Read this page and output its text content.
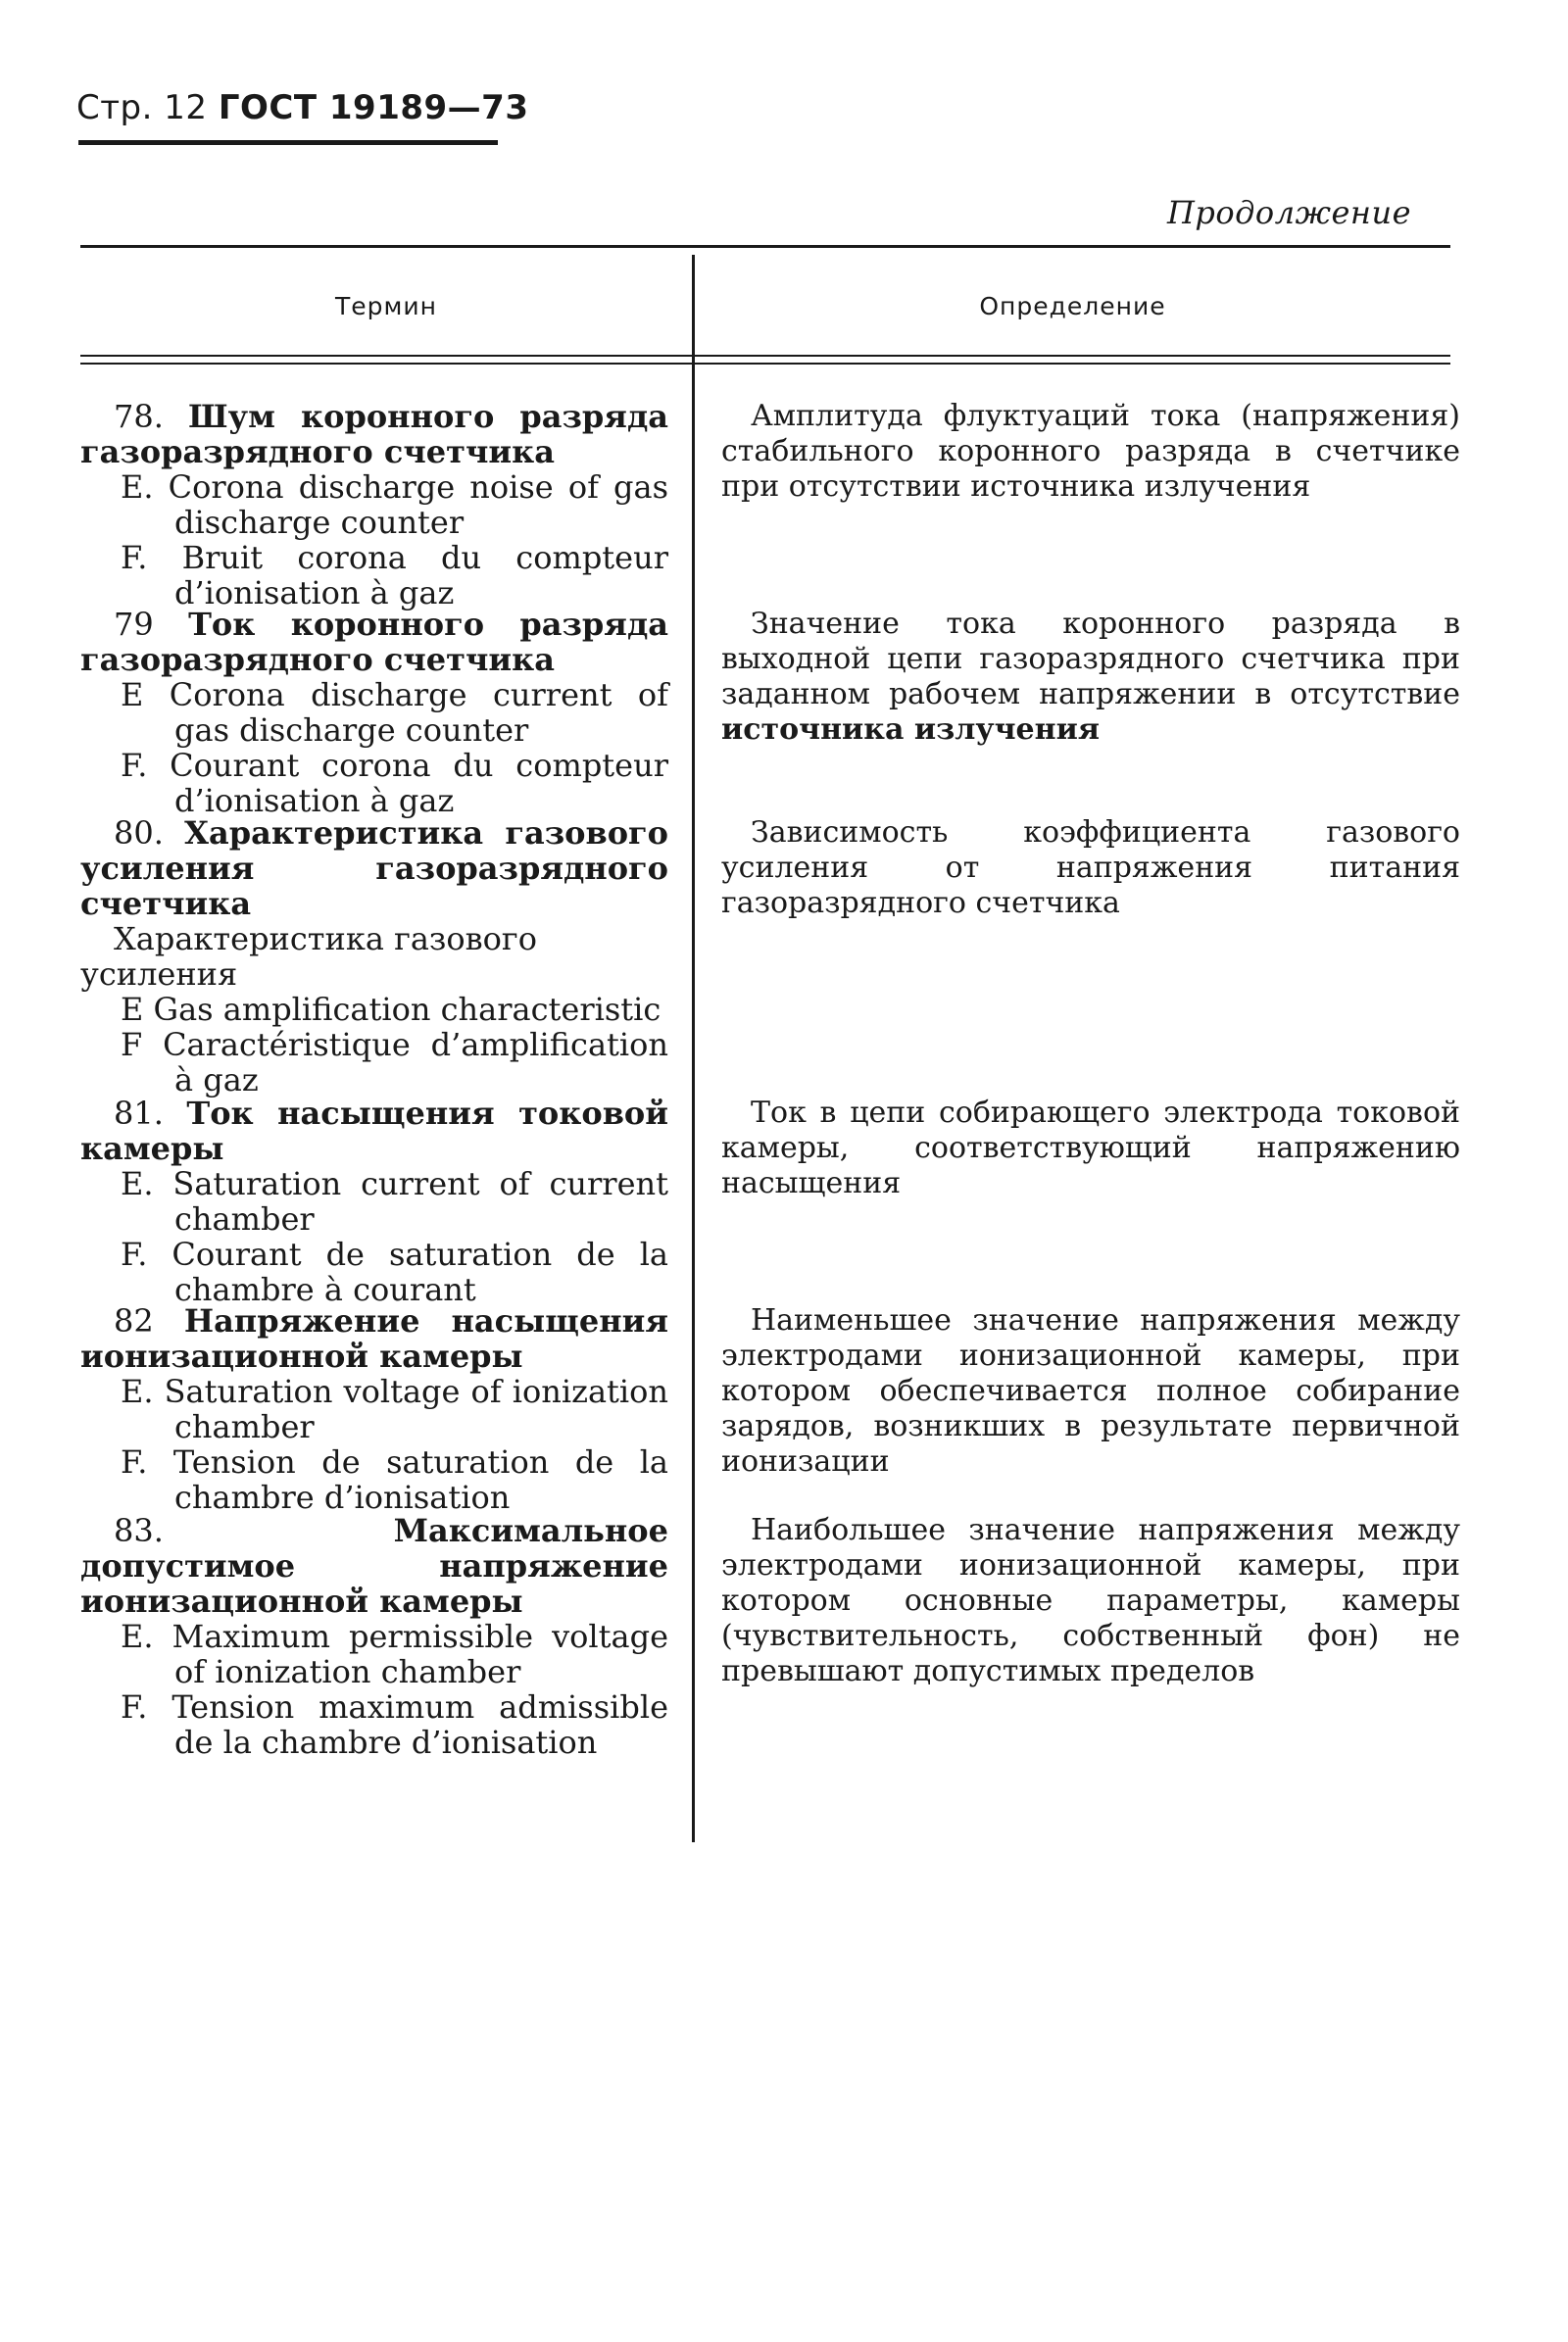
Стр. 12 ГОСТ 19189—73
Продолжение
Термин	Определение
78. Шум коронного разряда газоразрядного счетчика
E. Corona discharge noise of gas discharge counter
F. Bruit corona du compteur d’ionisation à gaz
Амплитуда флуктуаций тока (напряжения) стабильного коронного разряда в счетчике при отсутствии источника излучения
79 Ток коронного разряда газоразрядного счетчика
E Corona discharge current of gas discharge counter
F. Courant corona du compteur d’ionisation à gaz
Значение тока коронного разряда в выходной цепи газоразрядного счетчика при заданном рабочем напряжении в отсутствие источника излучения
80. Характеристика газового усиления газоразрядного счетчика
Характеристика газового усиления
E Gas amplification characteristic
F Caractéristique d’amplification à gaz
Зависимость коэффициента газового усиления от напряжения питания газоразрядного счетчика
81. Ток насыщения токовой камеры
E. Saturation current of current chamber
F. Courant de saturation de la chambre à courant
Ток в цепи собирающего электрода токовой камеры, соответствующий напряжению насыщения
82 Напряжение насыщения ионизационной камеры
E. Saturation voltage of ionization chamber
F. Tension de saturation de la chambre d’ionisation
Наименьшее значение напряжения между электродами ионизационной камеры, при котором обеспечивается полное собирание зарядов, возникших в результате первичной ионизации
83.	Максимальное допустимое напряжение ионизационной камеры
E. Maximum permissible voltage of ionization chamber
F. Tension maximum admissible de la chambre d’ionisation
Наибольшее значение напряжения между электродами ионизационной камеры, при котором основные параметры, камеры (чувствительность, собственный фон) не превышают допустимых пределов
